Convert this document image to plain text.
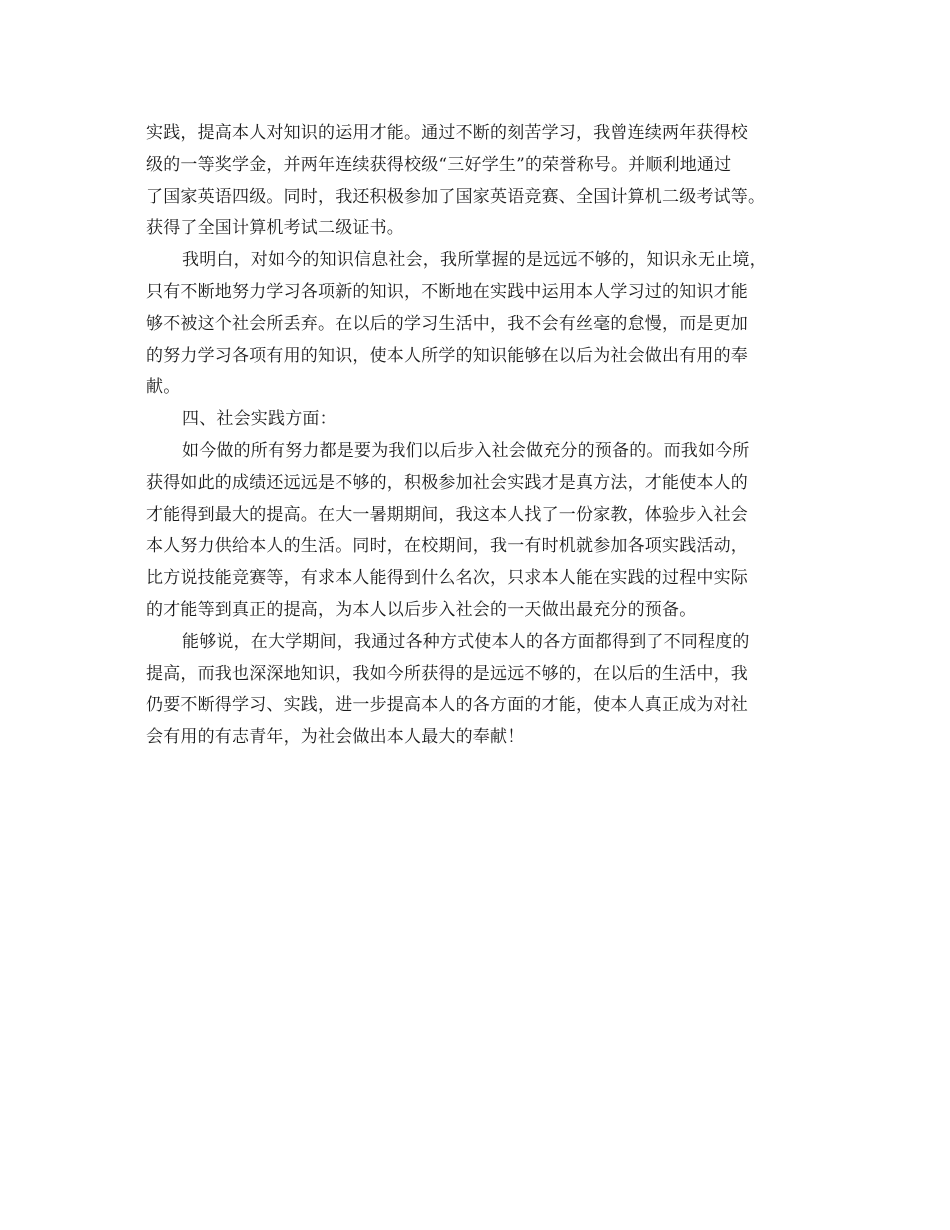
实践，提高本人对知识的运用才能。通过不断的刻苦学习，我曾连续两年获得校
级的一等奖学金，并两年连续获得校级“三好学生”的荣誉称号。并顺利地通过
了国家英语四级。同时，我还积极参加了国家英语竞赛、全国计算机二级考试等。
获得了全国计算机考试二级证书。
我明白，对如今的知识信息社会，我所掌握的是远远不够的，知识永无止境，
只有不断地努力学习各项新的知识，不断地在实践中运用本人学习过的知识才能
够不被这个社会所丢弃。在以后的学习生活中，我不会有丝毫的怠慢，而是更加
的努力学习各项有用的知识，使本人所学的知识能够在以后为社会做出有用的奉
献。
四、社会实践方面：
如今做的所有努力都是要为我们以后步入社会做充分的预备的。而我如今所
获得如此的成绩还远远是不够的，积极参加社会实践才是真方法，才能使本人的
才能得到最大的提高。在大一暑期期间，我这本人找了一份家教，体验步入社会
本人努力供给本人的生活。同时，在校期间，我一有时机就参加各项实践活动，
比方说技能竞赛等，有求本人能得到什么名次，只求本人能在实践的过程中实际
的才能等到真正的提高，为本人以后步入社会的一天做出最充分的预备。
能够说，在大学期间，我通过各种方式使本人的各方面都得到了不同程度的
提高，而我也深深地知识，我如今所获得的是远远不够的，在以后的生活中，我
仍要不断得学习、实践，进一步提高本人的各方面的才能，使本人真正成为对社
会有用的有志青年，为社会做出本人最大的奉献！
